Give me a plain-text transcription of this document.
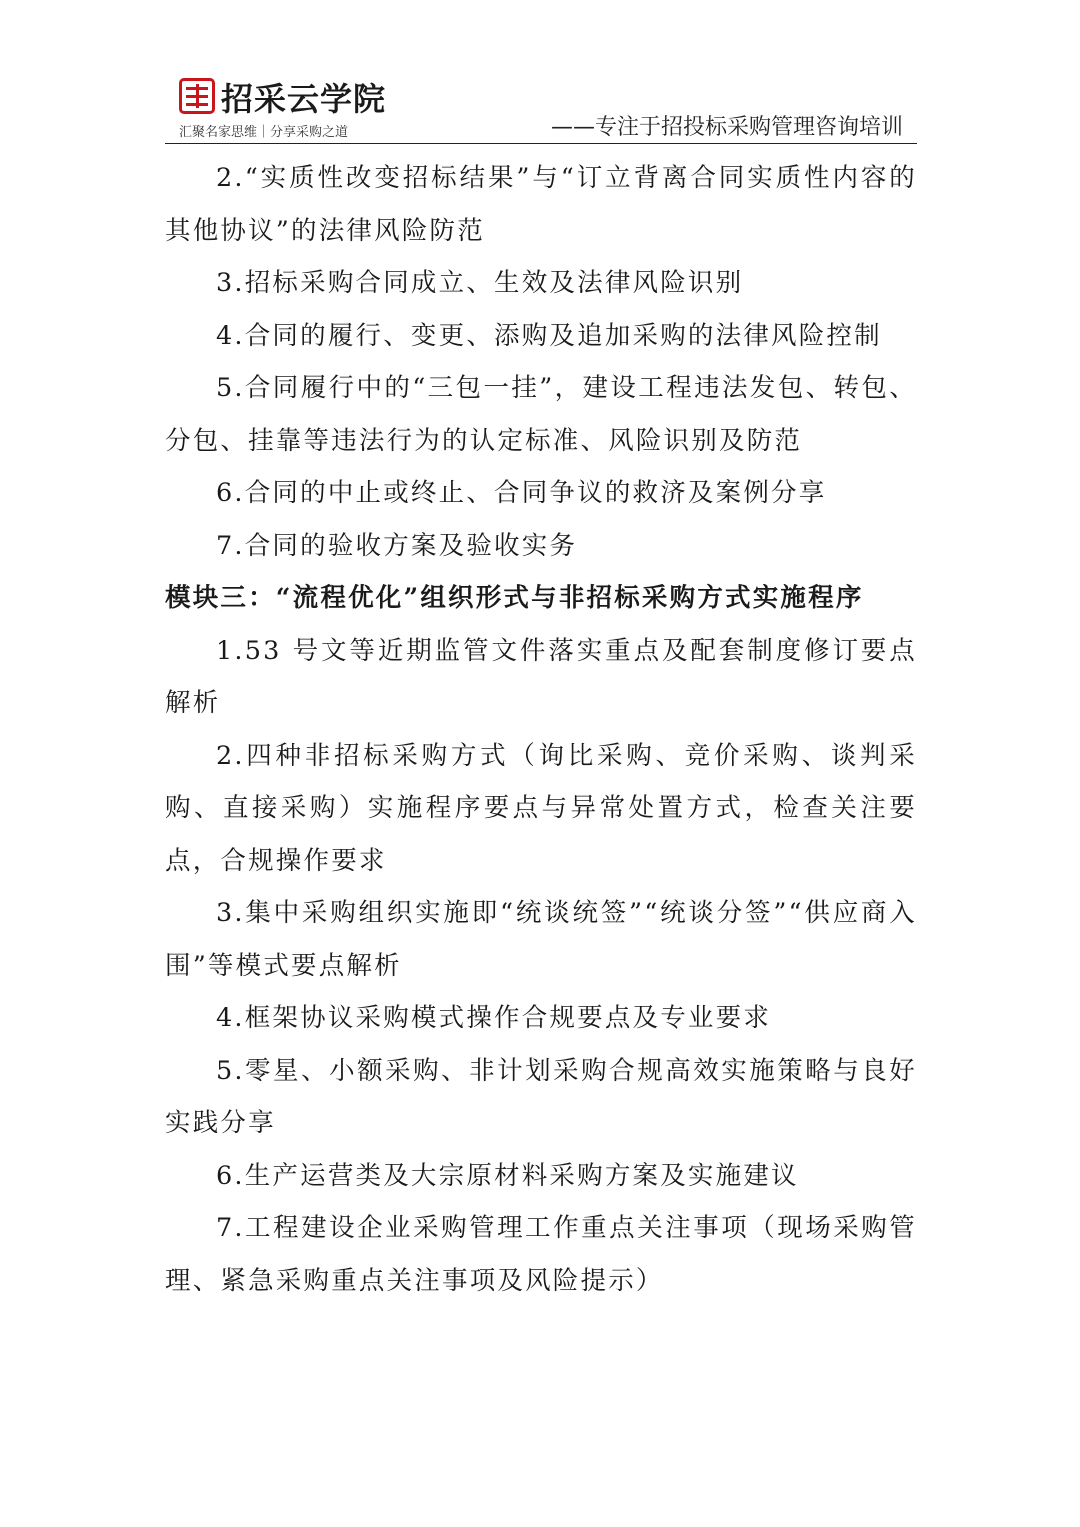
招采云学院
汇聚名家思维｜分享采购之道	——专注于招投标采购管理咨询培训

2.“实质性改变招标结果”与“订立背离合同实质性内容的其他协议”的法律风险防范

3.招标采购合同成立、生效及法律风险识别

4.合同的履行、变更、添购及追加采购的法律风险控制

5.合同履行中的“三包一挂”，建设工程违法发包、转包、分包、挂靠等违法行为的认定标准、风险识别及防范

6.合同的中止或终止、合同争议的救济及案例分享

7.合同的验收方案及验收实务

模块三：“流程优化”组织形式与非招标采购方式实施程序

1.53 号文等近期监管文件落实重点及配套制度修订要点解析

2.四种非招标采购方式（询比采购、竞价采购、谈判采购、直接采购）实施程序要点与异常处置方式，检查关注要点，合规操作要求

3.集中采购组织实施即“统谈统签”“统谈分签”“供应商入围”等模式要点解析

4.框架协议采购模式操作合规要点及专业要求

5.零星、小额采购、非计划采购合规高效实施策略与良好实践分享

6.生产运营类及大宗原材料采购方案及实施建议

7.工程建设企业采购管理工作重点关注事项（现场采购管理、紧急采购重点关注事项及风险提示）
